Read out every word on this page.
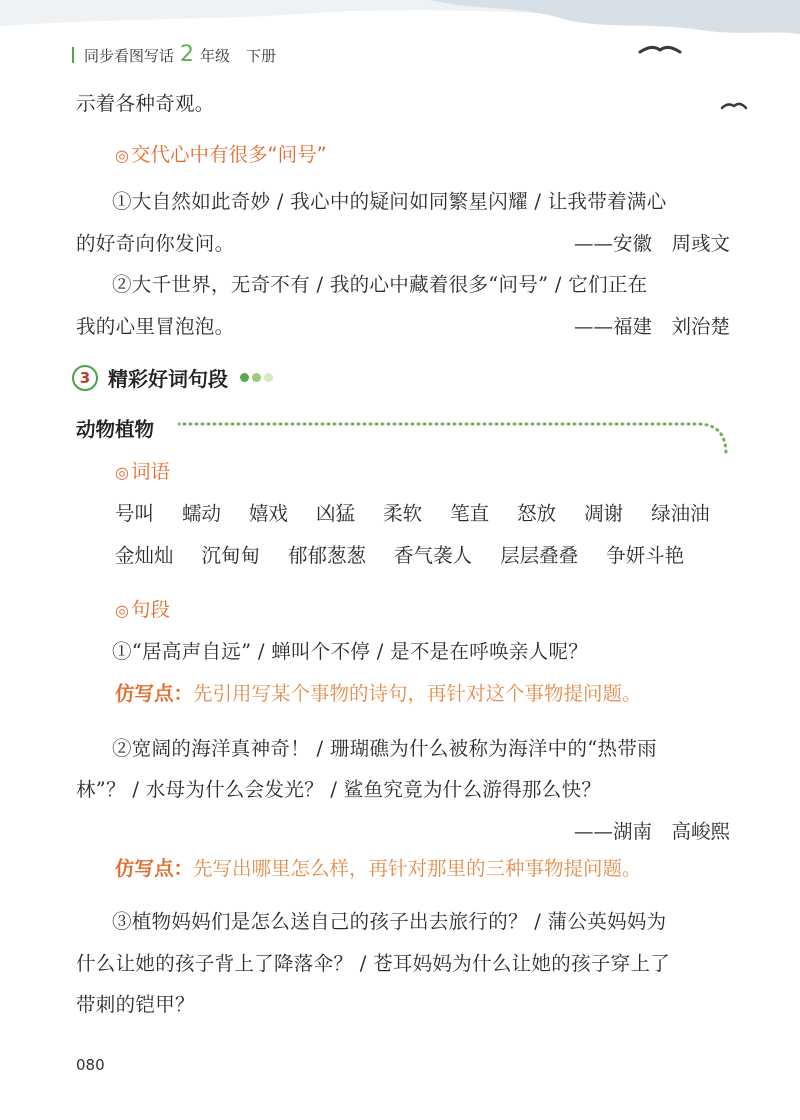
同步看图写话 2 年级 下册
示着各种奇观。
◎ 交代心中有很多“问号”
①大自然如此奇妙 / 我心中的疑问如同繁星闪耀 / 让我带着满心
的好奇向你发问。	——安徽　周彧文
②大千世界，无奇不有 / 我的心中藏着很多“问号” / 它们正在
我的心里冒泡泡。	——福建　刘治楚
3 精彩好词句段
动物植物
◎ 词语
号叫 蠕动 嬉戏 凶猛 柔软 笔直 怒放 凋谢 绿油油
金灿灿 沉甸甸 郁郁葱葱 香气袭人 层层叠叠 争妍斗艳
◎ 句段
①“居高声自远” / 蝉叫个不停 / 是不是在呼唤亲人呢？
仿写点：先引用写某个事物的诗句，再针对这个事物提问题。
②宽阔的海洋真神奇！ / 珊瑚礁为什么被称为海洋中的“热带雨
林”？ / 水母为什么会发光？ / 鲨鱼究竟为什么游得那么快？
——湖南　高峻熙
仿写点：先写出哪里怎么样，再针对那里的三种事物提问题。
③植物妈妈们是怎么送自己的孩子出去旅行的？ / 蒲公英妈妈为
什么让她的孩子背上了降落伞？ / 苍耳妈妈为什么让她的孩子穿上了
带刺的铠甲？
080
